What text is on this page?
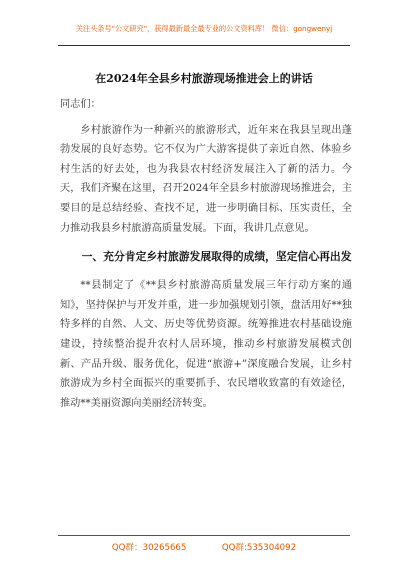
关注头条号"公文研究"，获得最新最全最专业的公文资料库！ 微信：gongwenyj
在2024年全县乡村旅游现场推进会上的讲话

同志们：

乡村旅游作为一种新兴的旅游形式，近年来在我县呈现出蓬勃发展的良好态势。它不仅为广大游客提供了亲近自然、体验乡村生活的好去处，也为我县农村经济发展注入了新的活力。今天，我们齐聚在这里，召开2024年全县乡村旅游现场推进会，主要目的是总结经验、查找不足，进一步明确目标、压实责任，全力推动我县乡村旅游高质量发展。下面，我讲几点意见。

一、充分肯定乡村旅游发展取得的成绩，坚定信心再出发

**县制定了《**县乡村旅游高质量发展三年行动方案的通知》，坚持保护与开发并重，进一步加强规划引领，盘活用好**独特多样的自然、人文、历史等优势资源。统筹推进农村基础设施建设，持续整治提升农村人居环境，推动乡村旅游发展模式创新、产品升级、服务优化，促进“旅游+”深度融合发展，让乡村旅游成为乡村全面振兴的重要抓手、农民增收致富的有效途径，推动**美丽资源向美丽经济转变。

QQ群：30265665	QQ群:535304092
